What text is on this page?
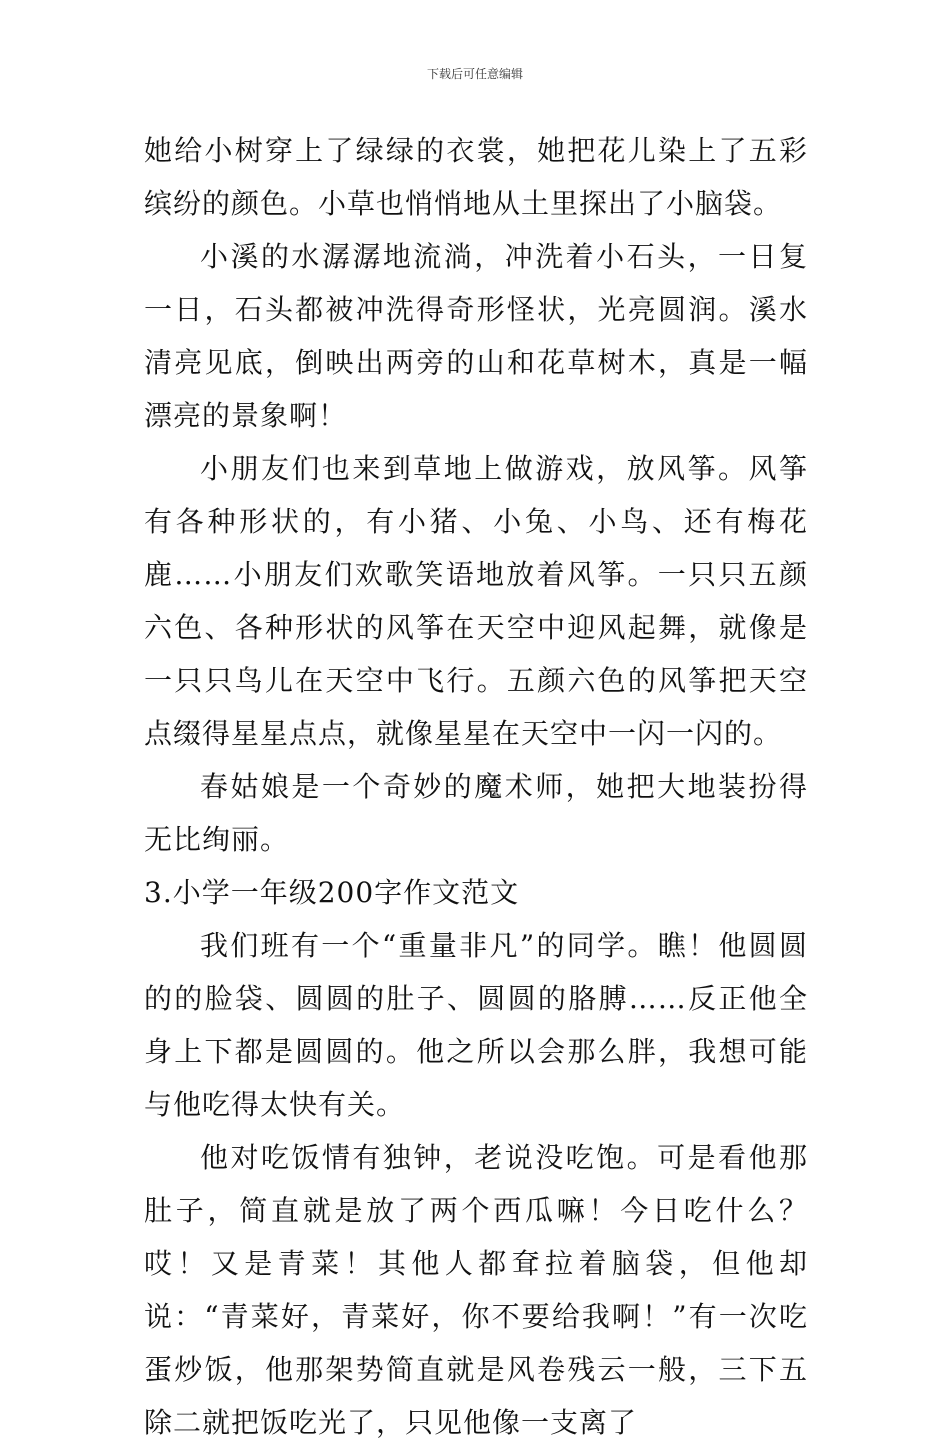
下载后可任意编辑

她给小树穿上了绿绿的衣裳，她把花儿染上了五彩缤纷的颜色。小草也悄悄地从土里探出了小脑袋。

小溪的水潺潺地流淌，冲洗着小石头，一日复一日，石头都被冲洗得奇形怪状，光亮圆润。溪水清亮见底，倒映出两旁的山和花草树木，真是一幅漂亮的景象啊！

小朋友们也来到草地上做游戏，放风筝。风筝有各种形状的，有小猪、小兔、小鸟、还有梅花鹿……小朋友们欢歌笑语地放着风筝。一只只五颜六色、各种形状的风筝在天空中迎风起舞，就像是一只只鸟儿在天空中飞行。五颜六色的风筝把天空点缀得星星点点，就像星星在天空中一闪一闪的。

春姑娘是一个奇妙的魔术师，她把大地装扮得无比绚丽。

3.小学一年级200字作文范文

我们班有一个“重量非凡”的同学。瞧！他圆圆的的脸袋、圆圆的肚子、圆圆的胳膊……反正他全身上下都是圆圆的。他之所以会那么胖，我想可能与他吃得太快有关。

他对吃饭情有独钟，老说没吃饱。可是看他那肚子，简直就是放了两个西瓜嘛！今日吃什么？哎！又是青菜！其他人都耷拉着脑袋，但他却说：“青菜好，青菜好，你不要给我啊！”有一次吃蛋炒饭，他那架势简直就是风卷残云一般，三下五除二就把饭吃光了，只见他像一支离了
